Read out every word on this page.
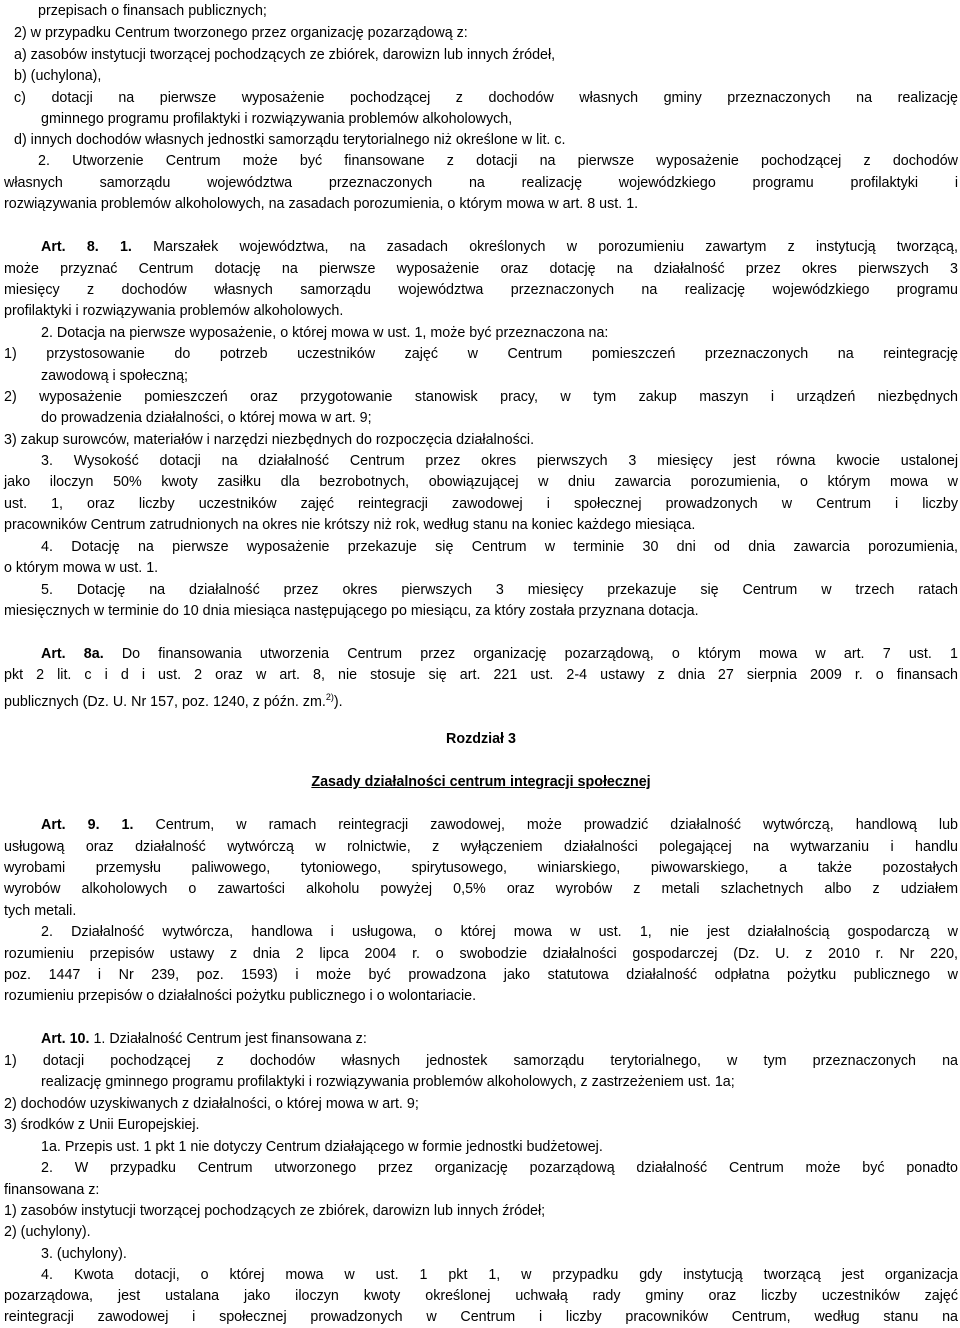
przepisach o finansach publicznych;
2) w przypadku Centrum tworzonego przez organizację pozarządową z:
a) zasobów instytucji tworzącej pochodzących ze zbiórek, darowizn lub innych źródeł,
b) (uchylona),
c) dotacji na pierwsze wyposażenie pochodzącej z dochodów własnych gminy przeznaczonych na realizację
gminnego programu profilaktyki i rozwiązywania problemów alkoholowych,
d) innych dochodów własnych jednostki samorządu terytorialnego niż określone w lit. c.
2. Utworzenie Centrum może być finansowane z dotacji na pierwsze wyposażenie pochodzącej z dochodów
własnych samorządu województwa przeznaczonych na realizację wojewódzkiego programu profilaktyki i
rozwiązywania problemów alkoholowych, na zasadach porozumienia, o którym mowa w art. 8 ust. 1.
Art. 8. 1. Marszałek województwa, na zasadach określonych w porozumieniu zawartym z instytucją tworzącą,
może przyznać Centrum dotację na pierwsze wyposażenie oraz dotację na działalność przez okres pierwszych 3
miesięcy z dochodów własnych samorządu województwa przeznaczonych na realizację wojewódzkiego programu
profilaktyki i rozwiązywania problemów alkoholowych.
2. Dotacja na pierwsze wyposażenie, o której mowa w ust. 1, może być przeznaczona na:
1) przystosowanie do potrzeb uczestników zajęć w Centrum pomieszczeń przeznaczonych na reintegrację
zawodową i społeczną;
2) wyposażenie pomieszczeń oraz przygotowanie stanowisk pracy, w tym zakup maszyn i urządzeń niezbędnych
do prowadzenia działalności, o której mowa w art. 9;
3) zakup surowców, materiałów i narzędzi niezbędnych do rozpoczęcia działalności.
3. Wysokość dotacji na działalność Centrum przez okres pierwszych 3 miesięcy jest równa kwocie ustalonej
jako iloczyn 50% kwoty zasiłku dla bezrobotnych, obowiązującej w dniu zawarcia porozumienia, o którym mowa w
ust. 1, oraz liczby uczestników zajęć reintegracji zawodowej i społecznej prowadzonych w Centrum i liczby
pracowników Centrum zatrudnionych na okres nie krótszy niż rok, według stanu na koniec każdego miesiąca.
4. Dotację na pierwsze wyposażenie przekazuje się Centrum w terminie 30 dni od dnia zawarcia porozumienia,
o którym mowa w ust. 1.
5. Dotację na działalność przez okres pierwszych 3 miesięcy przekazuje się Centrum w trzech ratach
miesięcznych w terminie do 10 dnia miesiąca następującego po miesiącu, za który została przyznana dotacja.
Art. 8a. Do finansowania utworzenia Centrum przez organizację pozarządową, o którym mowa w art. 7 ust. 1
pkt 2 lit. c i d i ust. 2 oraz w art. 8, nie stosuje się art. 221 ust. 2-4 ustawy z dnia 27 sierpnia 2009 r. o finansach
publicznych (Dz. U. Nr 157, poz. 1240, z późn. zm.$^{2)}$).
Rozdział 3
Zasady działalności centrum integracji społecznej
Art. 9. 1. Centrum, w ramach reintegracji zawodowej, może prowadzić działalność wytwórczą, handlową lub
usługową oraz działalność wytwórczą w rolnictwie, z wyłączeniem działalności polegającej na wytwarzaniu i handlu
wyrobami przemysłu paliwowego, tytoniowego, spirytusowego, winiarskiego, piwowarskiego, a także pozostałych
wyrobów alkoholowych o zawartości alkoholu powyżej 0,5% oraz wyrobów z metali szlachetnych albo z udziałem
tych metali.
2. Działalność wytwórcza, handlowa i usługowa, o której mowa w ust. 1, nie jest działalnością gospodarczą w
rozumieniu przepisów ustawy z dnia 2 lipca 2004 r. o swobodzie działalności gospodarczej (Dz. U. z 2010 r. Nr 220,
poz. 1447 i Nr 239, poz. 1593) i może być prowadzona jako statutowa działalność odpłatna pożytku publicznego w
rozumieniu przepisów o działalności pożytku publicznego i o wolontariacie.
Art. 10. 1. Działalność Centrum jest finansowana z:
1) dotacji pochodzącej z dochodów własnych jednostek samorządu terytorialnego, w tym przeznaczonych na
realizację gminnego programu profilaktyki i rozwiązywania problemów alkoholowych, z zastrzeżeniem ust. 1a;
2) dochodów uzyskiwanych z działalności, o której mowa w art. 9;
3) środków z Unii Europejskiej.
1a. Przepis ust. 1 pkt 1 nie dotyczy Centrum działającego w formie jednostki budżetowej.
2. W przypadku Centrum utworzonego przez organizację pozarządową działalność Centrum może być ponadto
finansowana z:
1) zasobów instytucji tworzącej pochodzących ze zbiórek, darowizn lub innych źródeł;
2) (uchylony).
3. (uchylony).
4. Kwota dotacji, o której mowa w ust. 1 pkt 1, w przypadku gdy instytucją tworzącą jest organizacja
pozarządowa, jest ustalana jako iloczyn kwoty określonej uchwałą rady gminy oraz liczby uczestników zajęć
reintegracji zawodowej i społecznej prowadzonych w Centrum i liczby pracowników Centrum, według stanu na
